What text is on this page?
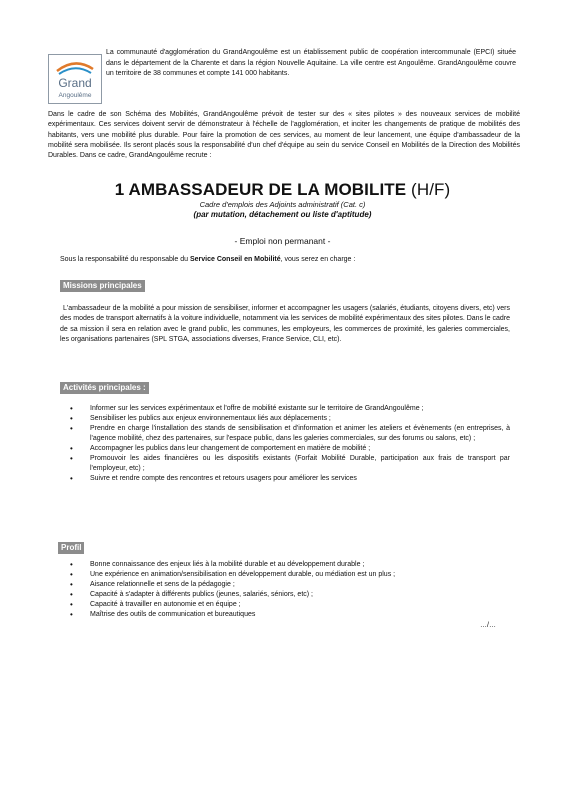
Grand
Angoulême
La communauté d'agglomération du GrandAngoulême est un établissement public de coopération intercommunale (EPCI) située dans le département de la Charente et dans la région Nouvelle Aquitaine. La ville centre est Angoulême. GrandAngoulême couvre un territoire de 38 communes et compte 141 000 habitants.
Dans le cadre de son Schéma des Mobilités, GrandAngoulême prévoit de tester sur des « sites pilotes » des nouveaux services de mobilité expérimentaux. Ces services doivent servir de démonstrateur à l'échelle de l'agglomération, et inciter les changements de pratique de mobilités des habitants, vers une mobilité plus durable. Pour faire la promotion de ces services, au moment de leur lancement, une équipe d'ambassadeur de la mobilité sera mobilisée. Ils seront placés sous la responsabilité d'un chef d'équipe au sein du service Conseil en Mobilités de la Direction des Mobilités Durables. Dans ce cadre, GrandAngoulême recrute :
1 AMBASSADEUR DE LA MOBILITE (H/F)
Cadre d'emplois des Adjoints administratif (Cat. c)
(par mutation, détachement ou liste d'aptitude)
- Emploi non permanant -
Sous la responsabilité du responsable du Service Conseil en Mobilité, vous serez en charge :
Missions principales
L'ambassadeur de la mobilité a pour mission de sensibiliser, informer et accompagner les usagers (salariés, étudiants, citoyens divers, etc) vers des modes de transport alternatifs à la voiture individuelle, notamment via les services de mobilité expérimentaux des sites pilotes. Dans le cadre de sa mission il sera en relation avec le grand public, les communes, les employeurs, les commerces de proximité, les galeries commerciales, les organisations partenaires (SPL STGA, associations diverses, France Service, CLI, etc).
Activités principales :
• Informer sur les services expérimentaux et l'offre de mobilité existante sur le territoire de GrandAngoulême ;
• Sensibiliser les publics aux enjeux environnementaux liés aux déplacements ;
• Prendre en charge l'installation des stands de sensibilisation et d'information et animer les ateliers et évènements (en entreprises, à l'agence mobilité, chez des partenaires, sur l'espace public, dans les galeries commerciales, sur des forums ou salons, etc) ;
• Accompagner les publics dans leur changement de comportement en matière de mobilité ;
• Promouvoir les aides financières ou les dispositifs existants (Forfait Mobilité Durable, participation aux frais de transport par l'employeur, etc) ;
• Suivre et rendre compte des rencontres et retours usagers pour améliorer les services
Profil
• Bonne connaissance des enjeux liés à la mobilité durable et au développement durable ;
• Une expérience en animation/sensibilisation en développement durable, ou médiation est un plus ;
• Aisance relationnelle et sens de la pédagogie ;
• Capacité à s'adapter à différents publics (jeunes, salariés, séniors, etc) ;
• Capacité à travailler en autonomie et en équipe ;
• Maîtrise des outils de communication et bureautiques
…/…
